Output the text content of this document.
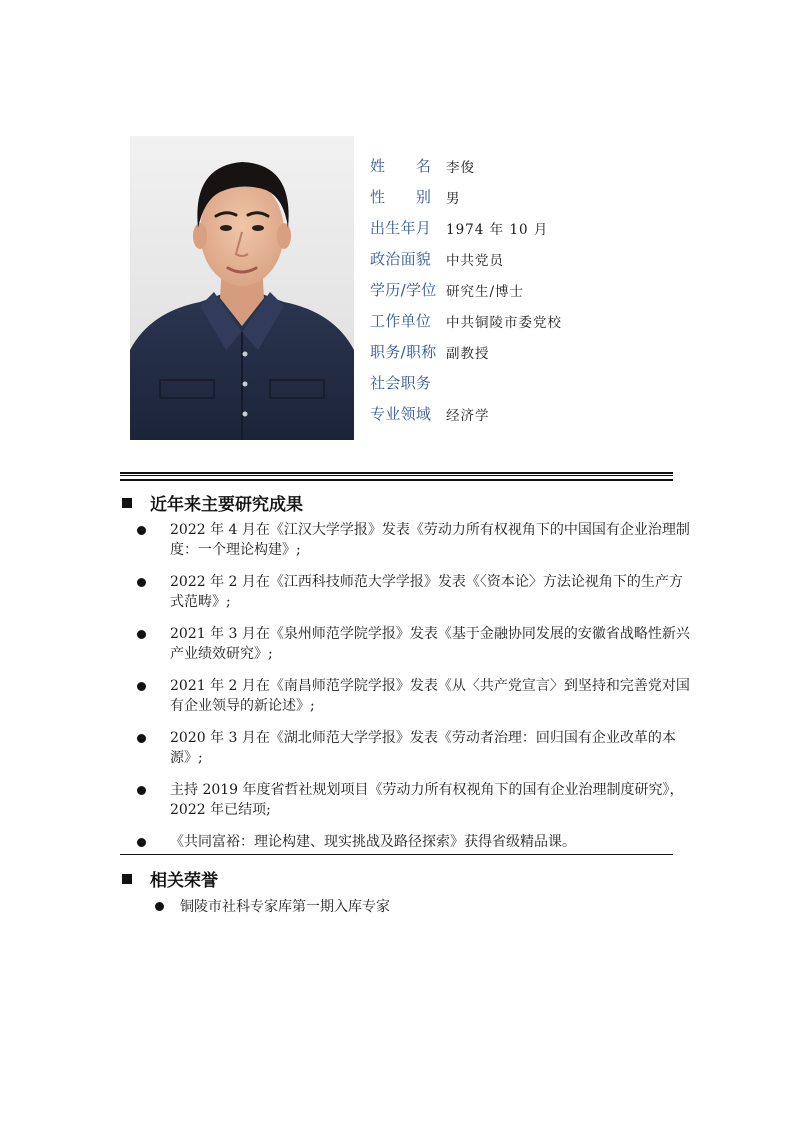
姓　　名	李俊
性　　别	男
出生年月	1974 年 10 月
政治面貌	中共党员
学历/学位 研究生/博士
工作单位	中共铜陵市委党校
职务/职称 副教授
社会职务
专业领域	经济学
近年来主要研究成果
2022 年 4 月在《江汉大学学报》发表《劳动力所有权视角下的中国国有企业治理制度：一个理论构建》;
2022 年 2 月在《江西科技师范大学学报》发表《〈资本论〉方法论视角下的生产方式范畴》;
2021 年 3 月在《泉州师范学院学报》发表《基于金融协同发展的安徽省战略性新兴产业绩效研究》;
2021 年 2 月在《南昌师范学院学报》发表《从〈共产党宣言〉到坚持和完善党对国有企业领导的新论述》;
2020 年 3 月在《湖北师范大学学报》发表《劳动者治理：回归国有企业改革的本源》;
主持 2019 年度省哲社规划项目《劳动力所有权视角下的国有企业治理制度研究》，2022 年已结项;
《共同富裕：理论构建、现实挑战及路径探索》获得省级精品课。
相关荣誉
铜陵市社科专家库第一期入库专家
